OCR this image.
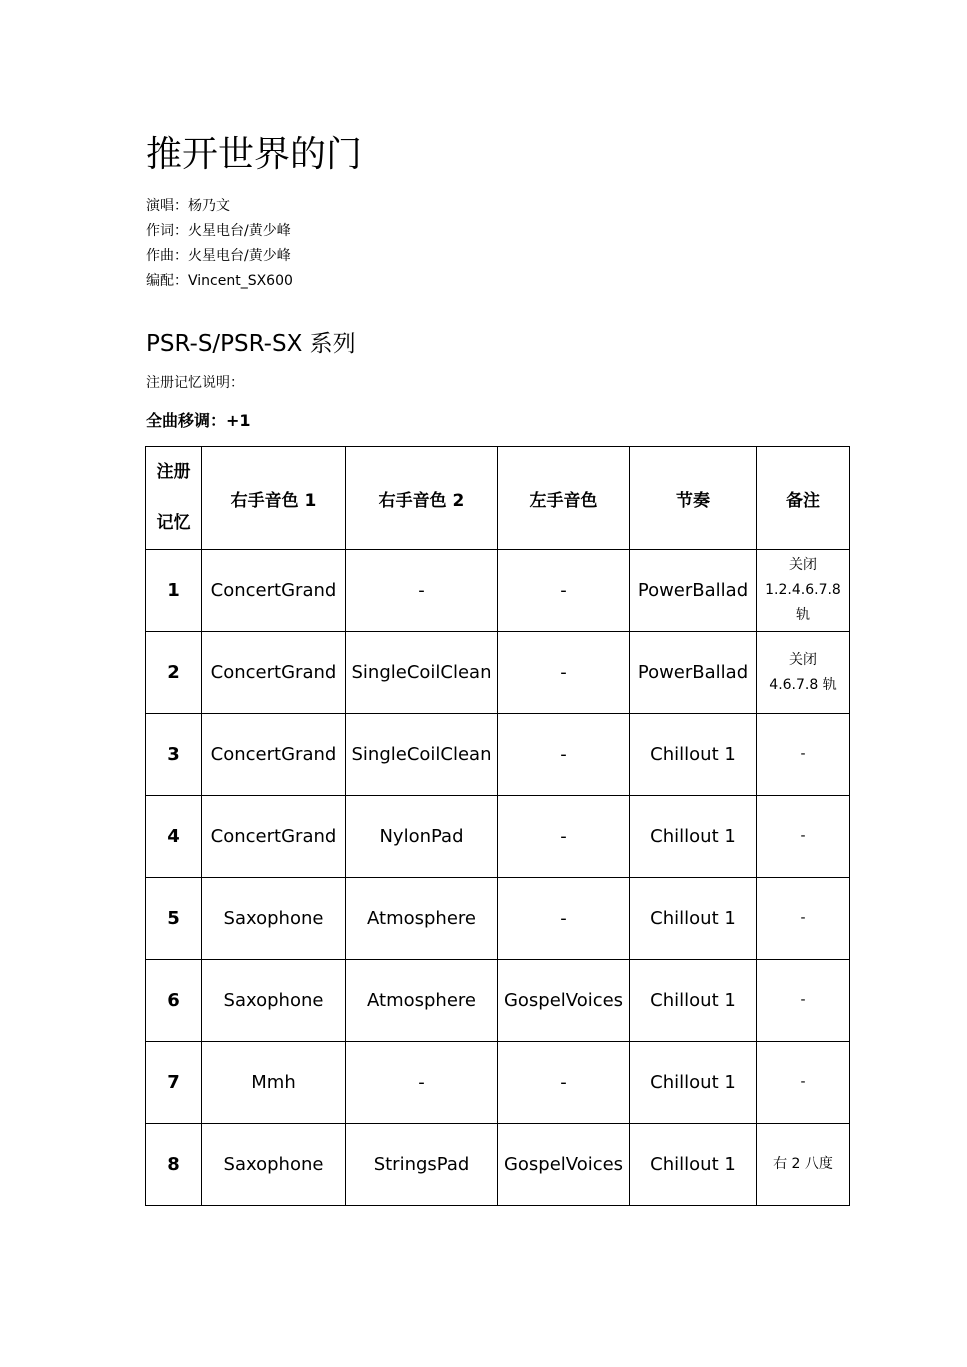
推开世界的门
演唱：杨乃文
作词：火星电台/黄少峰
作曲：火星电台/黄少峰
编配：Vincent_SX600
PSR-S/PSR-SX 系列
注册记忆说明：
全曲移调：+1
注册
记忆	右手音色 1	右手音色 2	左手音色	节奏	备注
1	ConcertGrand	-	-	PowerBallad	关闭
1.2.4.6.7.8
轨

2	ConcertGrand	SingleCoilClean	-	PowerBallad	关闭
4.6.7.8 轨

3	ConcertGrand	SingleCoilClean	-	Chillout 1	-

4	ConcertGrand	NylonPad	-	Chillout 1	-

5	Saxophone	Atmosphere	-	Chillout 1	-

6	Saxophone	Atmosphere	GospelVoices	Chillout 1	-

7	Mmh	-	-	Chillout 1	-

8	Saxophone	StringsPad	GospelVoices	Chillout 1	右 2 八度
